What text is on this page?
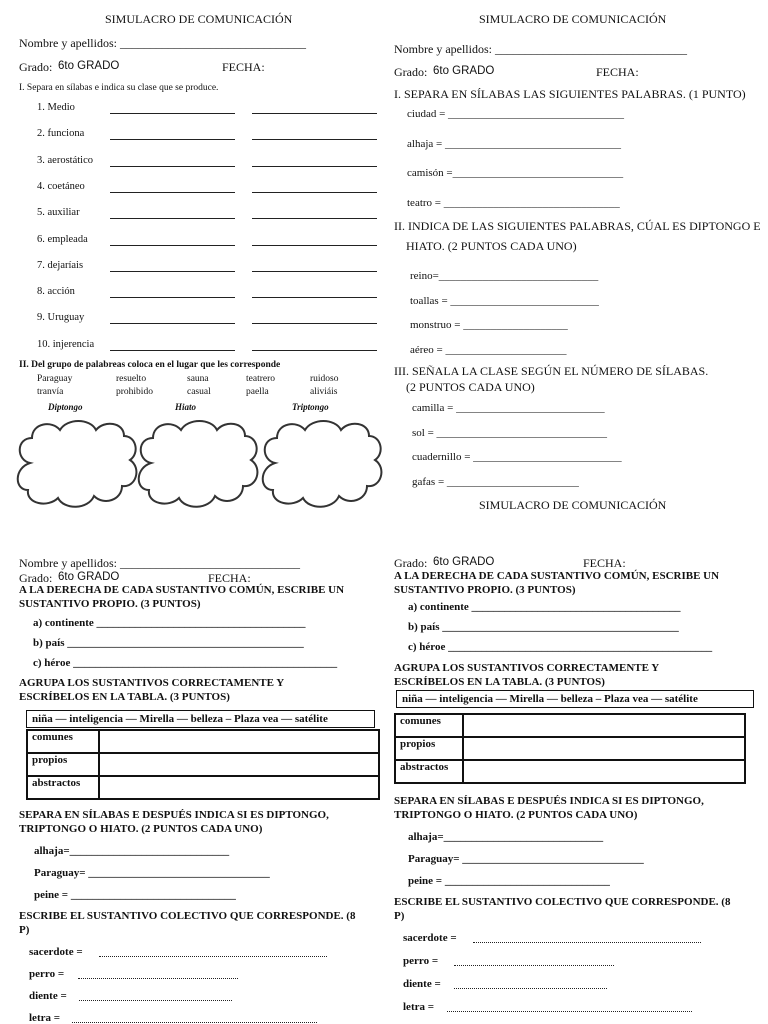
SIMULACRO DE COMUNICACIÓN
Nombre y apellidos: _______________________________
Grado: 6to GRADO	FECHA:
I. Separa en sílabas e indica su clase que se produce.
1. Medio
2. funciona
3. aerostático
4. coetáneo
5. auxiliar
6. empleada
7. dejaríais
8. acción
9. Uruguay
10. injerencia
II. Del grupo de palabreas coloca en el lugar que les corresponde
Paraguay	resuelto	sauna	teatrero	ruidoso
tranvía	prohibido	casual	paella	aliviáis
Diptongo	Hiato	Triptongo
SIMULACRO DE COMUNICACIÓN
Nombre y apellidos: ________________________________
Grado: 6to GRADO	FECHA:
I. SEPARA EN SÍLABAS LAS SIGUIENTES PALABRAS. (1 PUNTO)
ciudad = ________________________________
alhaja = ________________________________
camisón =_______________________________
teatro = ________________________________
II. INDICA DE LAS SIGUIENTES PALABRAS, CÚAL ES DIPTONGO E
HIATO. (2 PUNTOS CADA UNO)
reino=_____________________________
toallas = ___________________________
monstruo = ___________________
aéreo = ______________________
III. SEÑALA LA CLASE SEGÚN EL NÚMERO DE SÍLABAS.
(2 PUNTOS CADA UNO)
camilla = ___________________________
sol = _______________________________
cuadernillo = ___________________________
gafas = ________________________
SIMULACRO DE COMUNICACIÓN
Nombre y apellidos: ______________________________
Grado: 6to GRADO	FECHA:
A LA DERECHA DE CADA SUSTANTIVO COMÚN, ESCRIBE UN
SUSTANTIVO PROPIO. (3 PUNTOS)
a) continente ______________________________________
b) país ___________________________________________
c) héroe ________________________________________________
AGRUPA LOS SUSTANTIVOS CORRECTAMENTE Y
ESCRÍBELOS EN LA TABLA. (3 PUNTOS)
niña — inteligencia — Mirella — belleza – Plaza vea — satélite
comunes	
propios	
abstractos	
SEPARA EN SÍLABAS E DESPUÉS INDICA SI ES DIPTONGO,
TRIPTONGO O HIATO. (2 PUNTOS CADA UNO)
alhaja=_____________________________
Paraguay= _________________________________
peine = ______________________________
ESCRIBE EL SUSTANTIVO COLECTIVO QUE CORRESPONDE. (8
P)
sacerdote =
perro =
diente =
letra =
Grado: 6to GRADO	FECHA:
A LA DERECHA DE CADA SUSTANTIVO COMÚN, ESCRIBE UN
SUSTANTIVO PROPIO. (3 PUNTOS)
a) continente ______________________________________
b) país ___________________________________________
c) héroe ________________________________________________
AGRUPA LOS SUSTANTIVOS CORRECTAMENTE Y
ESCRÍBELOS EN LA TABLA. (3 PUNTOS)
niña — inteligencia — Mirella — belleza – Plaza vea — satélite
comunes	
propios	
abstractos	
SEPARA EN SÍLABAS E DESPUÉS INDICA SI ES DIPTONGO,
TRIPTONGO O HIATO. (2 PUNTOS CADA UNO)
alhaja=_____________________________
Paraguay= _________________________________
peine = ______________________________
ESCRIBE EL SUSTANTIVO COLECTIVO QUE CORRESPONDE. (8
P)
sacerdote =
perro =
diente =
letra =
